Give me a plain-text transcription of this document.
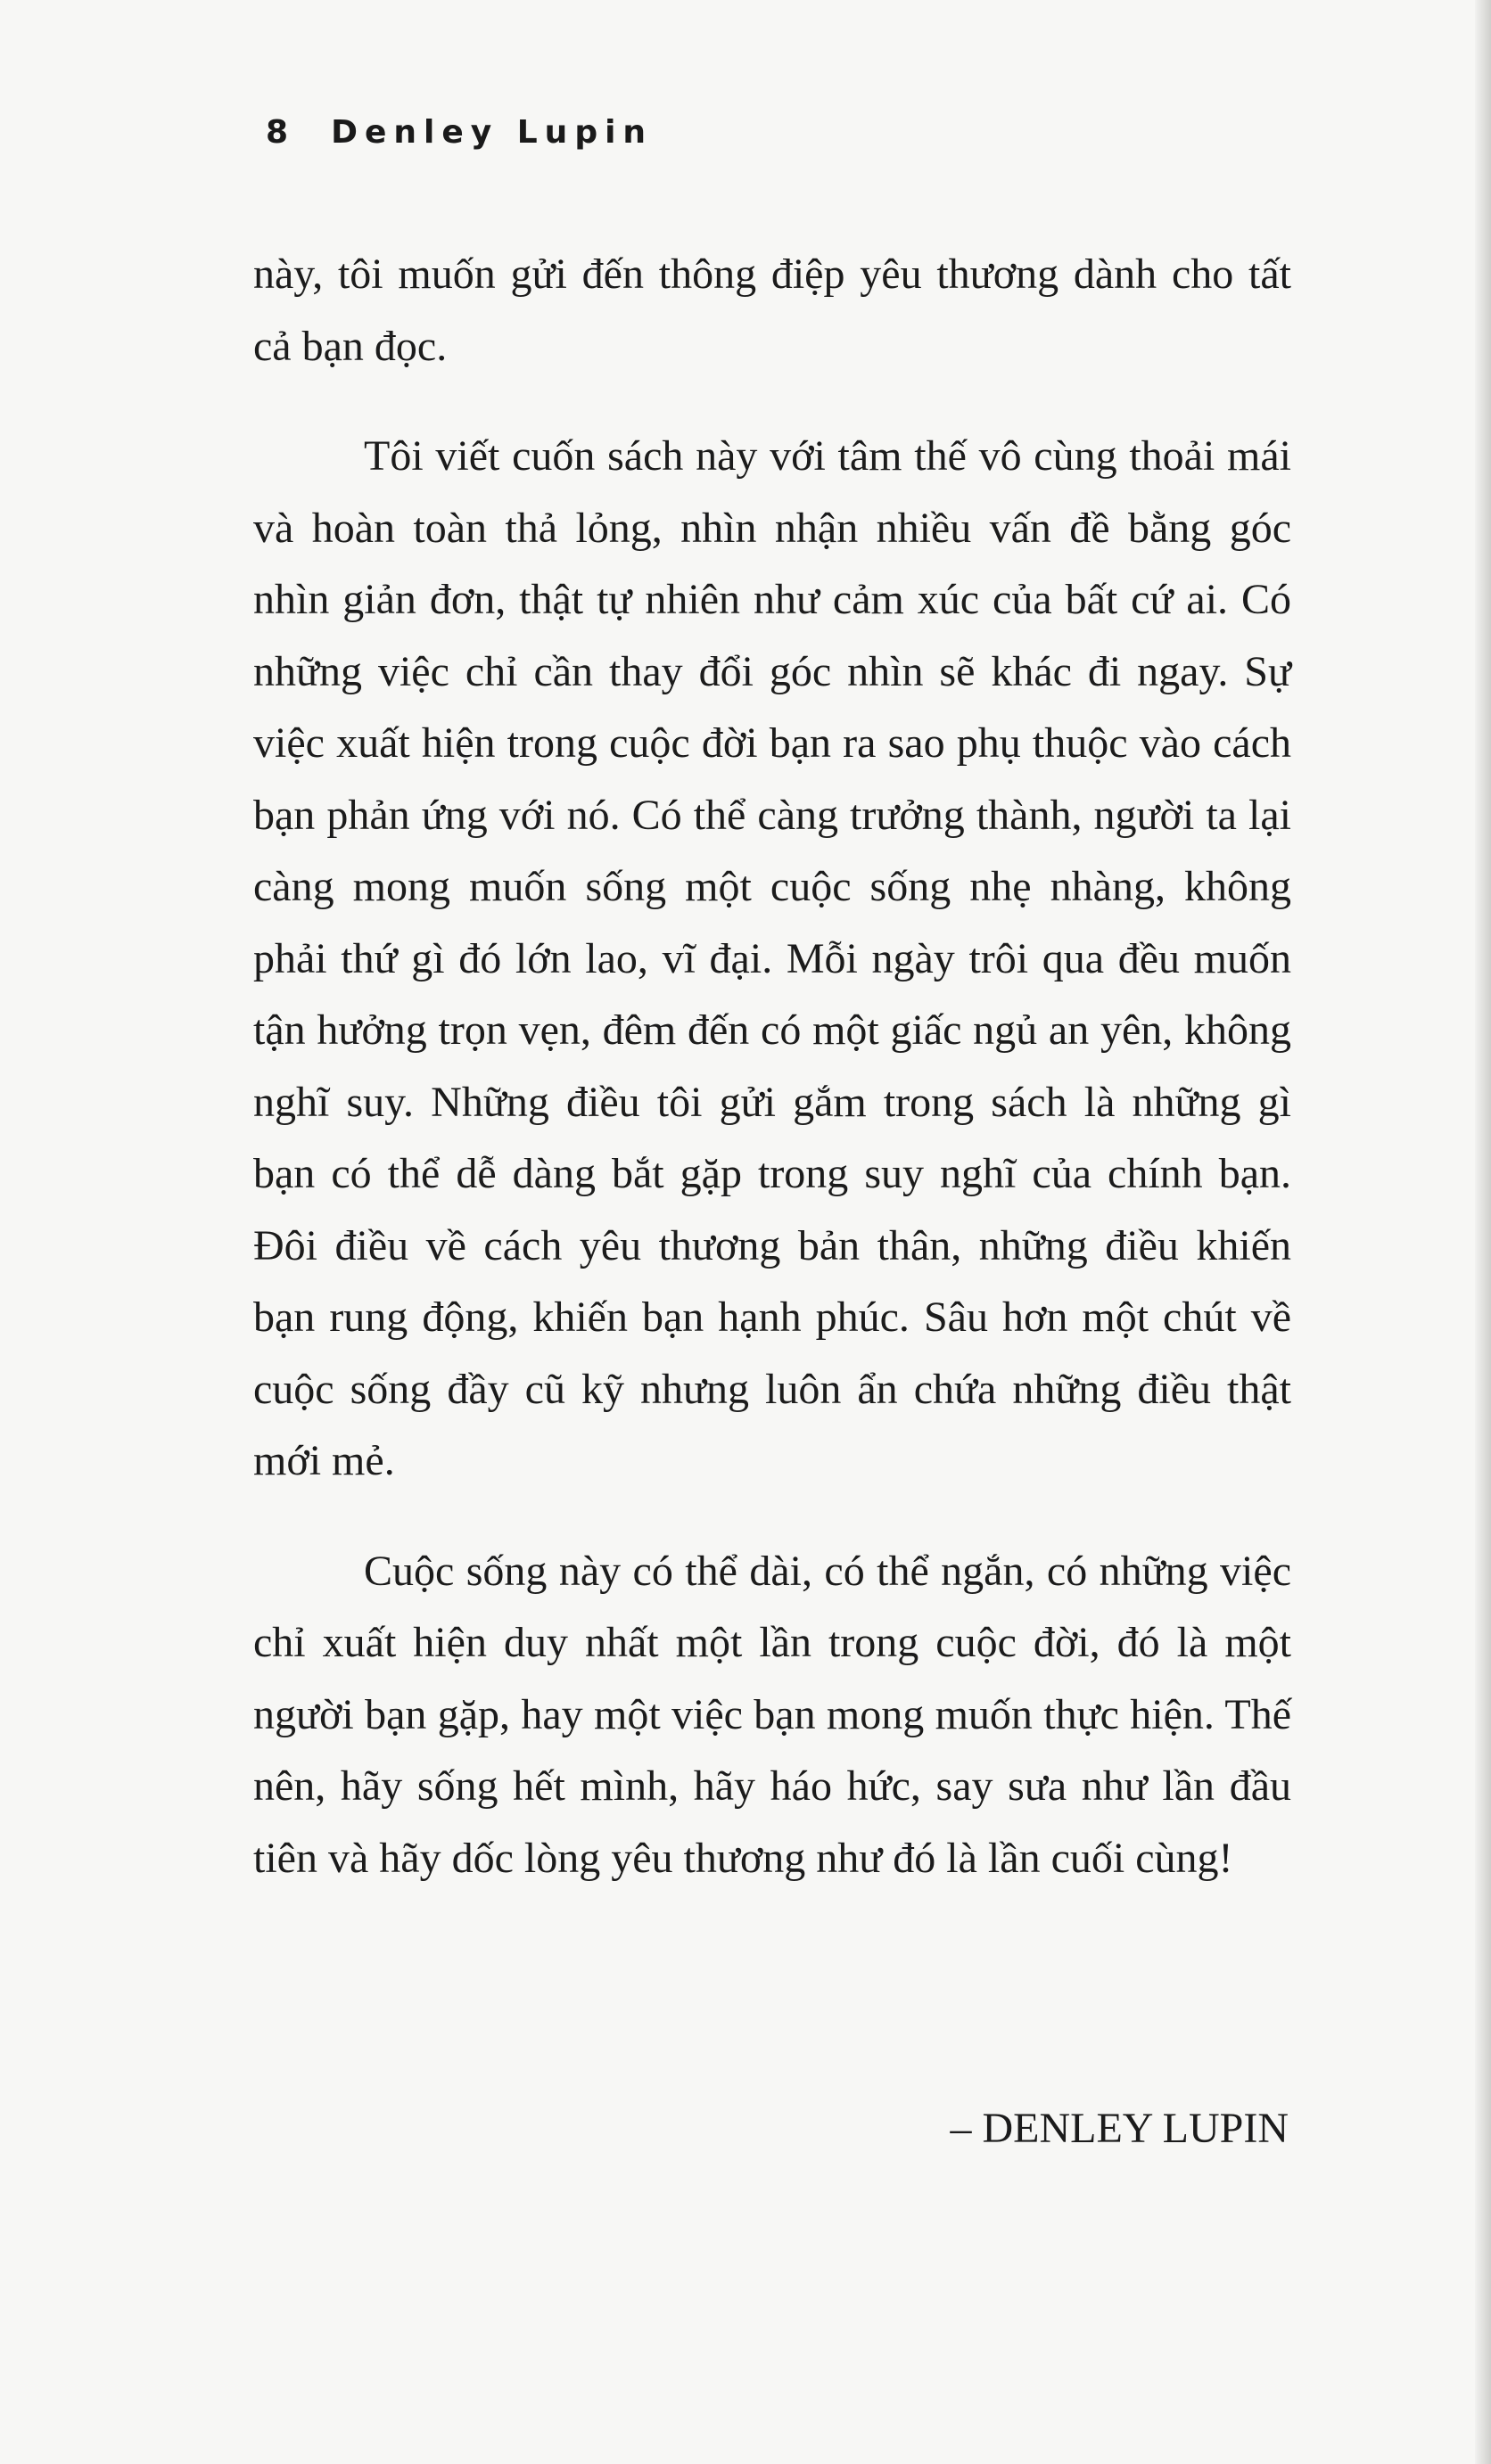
8 Denley Lupin

này, tôi muốn gửi đến thông điệp yêu thương dành cho tất cả bạn đọc.

Tôi viết cuốn sách này với tâm thế vô cùng thoải mái và hoàn toàn thả lỏng, nhìn nhận nhiều vấn đề bằng góc nhìn giản đơn, thật tự nhiên như cảm xúc của bất cứ ai. Có những việc chỉ cần thay đổi góc nhìn sẽ khác đi ngay. Sự việc xuất hiện trong cuộc đời bạn ra sao phụ thuộc vào cách bạn phản ứng với nó. Có thể càng trưởng thành, người ta lại càng mong muốn sống một cuộc sống nhẹ nhàng, không phải thứ gì đó lớn lao, vĩ đại. Mỗi ngày trôi qua đều muốn tận hưởng trọn vẹn, đêm đến có một giấc ngủ an yên, không nghĩ suy. Những điều tôi gửi gắm trong sách là những gì bạn có thể dễ dàng bắt gặp trong suy nghĩ của chính bạn. Đôi điều về cách yêu thương bản thân, những điều khiến bạn rung động, khiến bạn hạnh phúc. Sâu hơn một chút về cuộc sống đầy cũ kỹ nhưng luôn ẩn chứa những điều thật mới mẻ.

Cuộc sống này có thể dài, có thể ngắn, có những việc chỉ xuất hiện duy nhất một lần trong cuộc đời, đó là một người bạn gặp, hay một việc bạn mong muốn thực hiện. Thế nên, hãy sống hết mình, hãy háo hức, say sưa như lần đầu tiên và hãy dốc lòng yêu thương như đó là lần cuối cùng!

– DENLEY LUPIN
